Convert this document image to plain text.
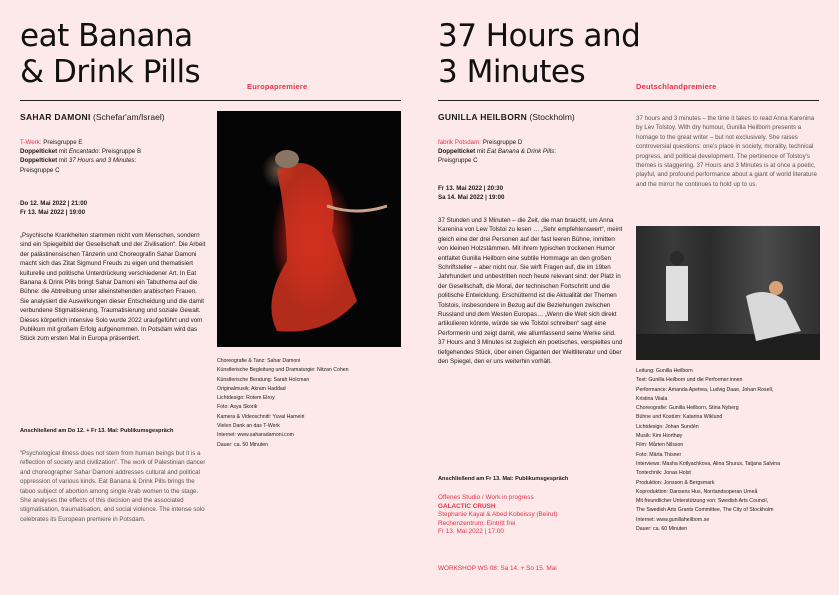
eat Banana
& Drink Pills	Europapremiere
SAHAR DAMONI (Schefar'am/Israel)

T-Werk: Preisgruppe E

Doppelticket mit Encantado: Preisgruppe B

Doppelticket mit 37 Hours and 3 Minutes:

Preisgruppe C

Do 12. Mai 2022 | 21:00

Fr 13. Mai 2022 | 19:00

„Psychische Krankheiten stammen nicht vom Menschen, sondern sind ein Spiegelbild der Gesellschaft und der Zivilisation“. Die Arbeit der palästinensischen Tänzerin und Choreografin Sahar Damoni macht sich das Zitat Sigmund Freuds zu eigen und thematisiert kulturelle und politische Unterdrückung verschiedener Art. In Eat Banana & Drink Pills bringt Sahar Damoni ein Tabuthema auf die Bühne: die Abtreibung unter alleinstehenden arabischen Frauen. Sie analysiert die Auswirkungen dieser Entscheidung und die damit verbundene Stigmatisierung, Traumatisierung und soziale Gewalt. Dieses körperlich intensive Solo wurde 2022 uraufgeführt und vom Publikum mit großem Erfolg aufgenommen. In Potsdam wird das Stück zum ersten Mal in Europa präsentiert.
Anschließend am Do 12. + Fr 13. Mai: Publikumsgespräch
“Psychological illness does not stem from human beings but it is a reflection of society and civilization”. The work of Palestinian dancer and choreographer Sahar Damoni addresses cultural and political oppression of various kinds. Eat Banana & Drink Pills brings the taboo subject of abortion among single Arab women to the stage. She analyses the effects of this decision and the associated stigmatisation, traumatisation, and social violence. The intense solo celebrates its European premiere in Potsdam.

Choreografie & Tanz: Sahar Damoni

Künstlerische Begleitung und Dramaturgie: Nitzan Cohen

Künstlerische Beratung: Sarah Holcman

Originalmusik: Akram Haddad

Lichtdesign: Rotem Elroy

Foto: Asya Skorik

Kamera & Videoschnitt: Yuval Hameiri

Vielen Dank an das T-Werk

Internet: www.saharadamoni.com

Dauer: ca. 50 Minuten

37 Hours and
3 Minutes	Deutschlandpremiere
GUNILLA HEILBORN (Stockholm)

fabrik Potsdam: Preisgruppe D

Doppelticket mit Eat Banana & Drink Pills:

Preisgruppe C

Fr 13. Mai 2022 | 20:30

Sa 14. Mai 2022 | 19:00

37 Stunden und 3 Minuten – die Zeit, die man braucht, um Anna Karenina von Lew Tolstoi zu lesen … „Sehr empfehlenswert“, meint gleich eine der drei Personen auf der fast leeren Bühne, inmitten von kleinen Holzstämmen. Mit ihrem typischen trockenen Humor entfaltet Gunilla Heilborn eine subtile Hommage an den großen Schriftsteller – aber nicht nur. Sie wirft Fragen auf, die im 19ten Jahrhundert und unbestritten noch heute relevant sind: der Platz in der Gesellschaft, die Moral, der technischen Fortschritt und die politische Entwicklung. Erschütternd ist die Aktualität der Themen Tolstois, insbesondere in Bezug auf die Beziehungen zwischen Russland und dem Westen Europas… „Wenn die Welt sich direkt artikulieren könnte, würde sie wie Tolstoi schreiben“ sagt eine Performerin und zeigt damit, wie allumfassend seine Werke sind. 37 Hours and 3 Minutes ist zugleich ein poetisches, verspieltes und tiefgehendes Stück, über einen Giganten der Weltliteratur und über den Spiegel, den er uns weiterhin vorhält.
Anschließend am Fr 13. Mai: Publikumsgespräch

Offenes Studio / Work in progress

GALACTIC CRUSH

Stephanie Kayal & Abed Kobeissy (Beirut)

Rechenzentrum: Eintritt frei

Fr 13. Mai 2022 | 17:00

WORKSHOP WS 08: Sa 14. + So 15. Mai
37 hours and 3 minutes – the time it takes to read Anna Karenina by Lev Tolstoy. With dry humour, Gunilla Heilborn presents a homage to the great writer – but not exclusively. She raises controversial questions: one's place in society, morality, technical progress, and political development. The pertinence of Tolstoy's themes is staggering. 37 Hours and 3 Minutes is at once a poetic, playful, and profound performance about a giant of world literature and the mirror he continues to hold up to us.

Leitung: Gunilla Heilborn

Text: Gunilla Heilborn und die Performer:innen

Performance: Amanda Apetrea, Ludvig Daae, Johan Rosell,

Kristina Viiala

Choreografie: Gunilla Heilborn, Stina Nyberg

Bühne und Kostüm: Katarina Wiklund

Lichtdesign: Johan Sundén

Musik: Kim Hiorthøy

Film: Mårten Nilsson

Foto: Märta Thisner

Interviews: Masha Kotlyachkova, Alina Shurux, Tatjana Salvina

Tontechnik: Jonas Holst

Produktion: Jonsson & Bergsmark

Koproduktion: Dansens Hus, Norrlandsoperan Umeå

Mit freundlicher Unterstützung von: Swedish Arts Council,

The Swedish Arts Grants Committee, The City of Stockholm

Internet: www.gunillaheilborn.se

Dauer: ca. 60 Minuten
